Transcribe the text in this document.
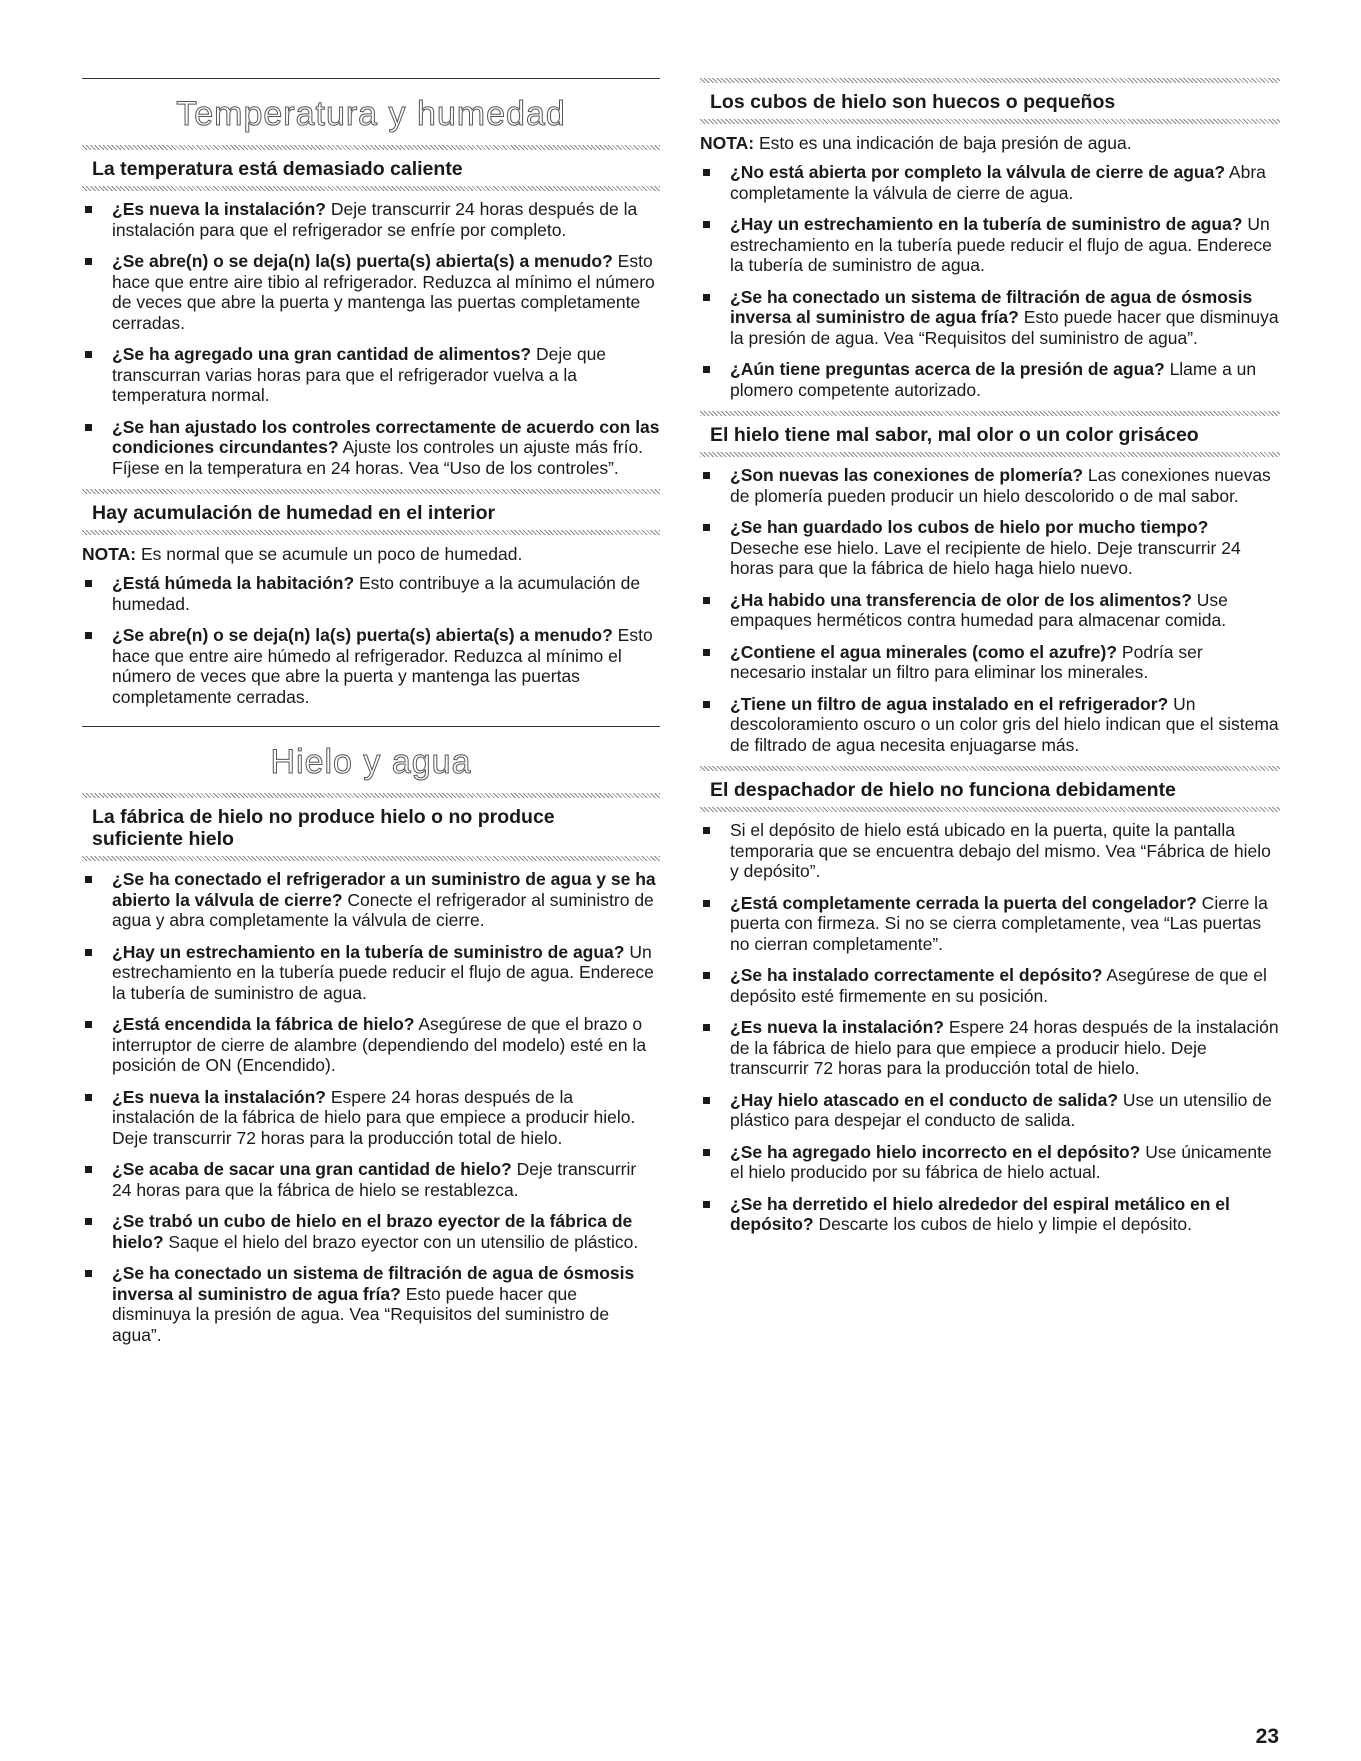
Temperatura y humedad
La temperatura está demasiado caliente
¿Es nueva la instalación? Deje transcurrir 24 horas después de la instalación para que el refrigerador se enfríe por completo.
¿Se abre(n) o se deja(n) la(s) puerta(s) abierta(s) a menudo? Esto hace que entre aire tibio al refrigerador. Reduzca al mínimo el número de veces que abre la puerta y mantenga las puertas completamente cerradas.
¿Se ha agregado una gran cantidad de alimentos? Deje que transcurran varias horas para que el refrigerador vuelva a la temperatura normal.
¿Se han ajustado los controles correctamente de acuerdo con las condiciones circundantes? Ajuste los controles un ajuste más frío. Fíjese en la temperatura en 24 horas. Vea “Uso de los controles”.
Hay acumulación de humedad en el interior

NOTA: Es normal que se acumule un poco de humedad.

¿Está húmeda la habitación? Esto contribuye a la acumulación de humedad.
¿Se abre(n) o se deja(n) la(s) puerta(s) abierta(s) a menudo? Esto hace que entre aire húmedo al refrigerador. Reduzca al mínimo el número de veces que abre la puerta y mantenga las puertas completamente cerradas.
Hielo y agua
La fábrica de hielo no produce hielo o no produce suficiente hielo
¿Se ha conectado el refrigerador a un suministro de agua y se ha abierto la válvula de cierre? Conecte el refrigerador al suministro de agua y abra completamente la válvula de cierre.
¿Hay un estrechamiento en la tubería de suministro de agua? Un estrechamiento en la tubería puede reducir el flujo de agua. Enderece la tubería de suministro de agua.
¿Está encendida la fábrica de hielo? Asegúrese de que el brazo o interruptor de cierre de alambre (dependiendo del modelo) esté en la posición de ON (Encendido).
¿Es nueva la instalación? Espere 24 horas después de la instalación de la fábrica de hielo para que empiece a producir hielo. Deje transcurrir 72 horas para la producción total de hielo.
¿Se acaba de sacar una gran cantidad de hielo? Deje transcurrir 24 horas para que la fábrica de hielo se restablezca.
¿Se trabó un cubo de hielo en el brazo eyector de la fábrica de hielo? Saque el hielo del brazo eyector con un utensilio de plástico.
¿Se ha conectado un sistema de filtración de agua de ósmosis inversa al suministro de agua fría? Esto puede hacer que disminuya la presión de agua. Vea “Requisitos del suministro de agua”.
Los cubos de hielo son huecos o pequeños

NOTA: Esto es una indicación de baja presión de agua.

¿No está abierta por completo la válvula de cierre de agua? Abra completamente la válvula de cierre de agua.
¿Hay un estrechamiento en la tubería de suministro de agua? Un estrechamiento en la tubería puede reducir el flujo de agua. Enderece la tubería de suministro de agua.
¿Se ha conectado un sistema de filtración de agua de ósmosis inversa al suministro de agua fría? Esto puede hacer que disminuya la presión de agua. Vea “Requisitos del suministro de agua”.
¿Aún tiene preguntas acerca de la presión de agua? Llame a un plomero competente autorizado.
El hielo tiene mal sabor, mal olor o un color grisáceo
¿Son nuevas las conexiones de plomería? Las conexiones nuevas de plomería pueden producir un hielo descolorido o de mal sabor.
¿Se han guardado los cubos de hielo por mucho tiempo? Deseche ese hielo. Lave el recipiente de hielo. Deje transcurrir 24 horas para que la fábrica de hielo haga hielo nuevo.
¿Ha habido una transferencia de olor de los alimentos? Use empaques herméticos contra humedad para almacenar comida.
¿Contiene el agua minerales (como el azufre)? Podría ser necesario instalar un filtro para eliminar los minerales.
¿Tiene un filtro de agua instalado en el refrigerador? Un descoloramiento oscuro o un color gris del hielo indican que el sistema de filtrado de agua necesita enjuagarse más.
El despachador de hielo no funciona debidamente
Si el depósito de hielo está ubicado en la puerta, quite la pantalla temporaria que se encuentra debajo del mismo. Vea “Fábrica de hielo y depósito”.
¿Está completamente cerrada la puerta del congelador? Cierre la puerta con firmeza. Si no se cierra completamente, vea “Las puertas no cierran completamente”.
¿Se ha instalado correctamente el depósito? Asegúrese de que el depósito esté firmemente en su posición.
¿Es nueva la instalación? Espere 24 horas después de la instalación de la fábrica de hielo para que empiece a producir hielo. Deje transcurrir 72 horas para la producción total de hielo.
¿Hay hielo atascado en el conducto de salida? Use un utensilio de plástico para despejar el conducto de salida.
¿Se ha agregado hielo incorrecto en el depósito? Use únicamente el hielo producido por su fábrica de hielo actual.
¿Se ha derretido el hielo alrededor del espiral metálico en el depósito? Descarte los cubos de hielo y limpie el depósito.
23
